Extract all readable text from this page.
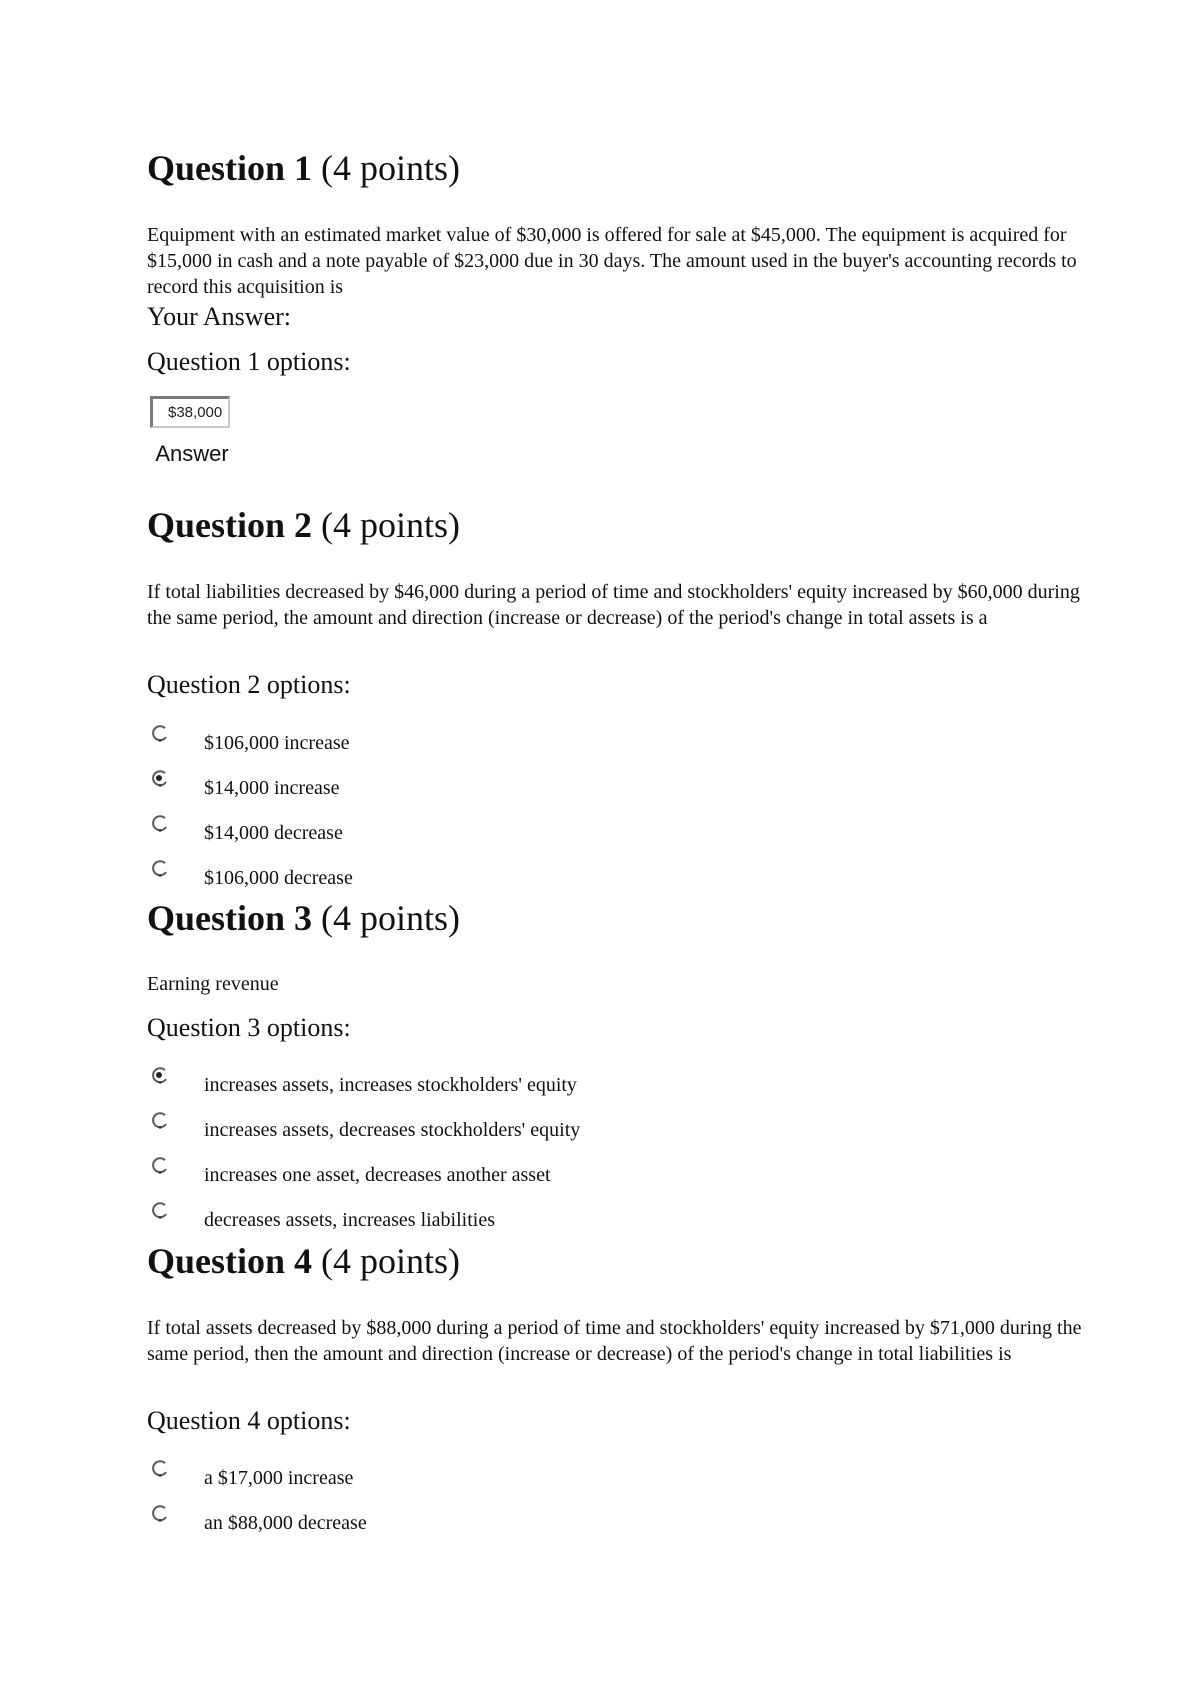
Question 1 (4 points)

Equipment with an estimated market value of $30,000 is offered for sale at $45,000. The equipment is acquired for $15,000 in cash and a note payable of $23,000 due in 30 days. The amount used in the buyer's accounting records to record this acquisition is

Your Answer:
Question 1 options:
$38,000
Answer
Question 2 (4 points)

If total liabilities decreased by $46,000 during a period of time and stockholders' equity increased by $60,000 during the same period, the amount and direction (increase or decrease) of the period's change in total assets is a

Question 2 options:
$106,000 increase
$14,000 increase
$14,000 decrease
$106,000 decrease
Question 3 (4 points)

Earning revenue

Question 3 options:
increases assets, increases stockholders' equity
increases assets, decreases stockholders' equity
increases one asset, decreases another asset
decreases assets, increases liabilities
Question 4 (4 points)

If total assets decreased by $88,000 during a period of time and stockholders' equity increased by $71,000 during the same period, then the amount and direction (increase or decrease) of the period's change in total liabilities is

Question 4 options:
a $17,000 increase
an $88,000 decrease
